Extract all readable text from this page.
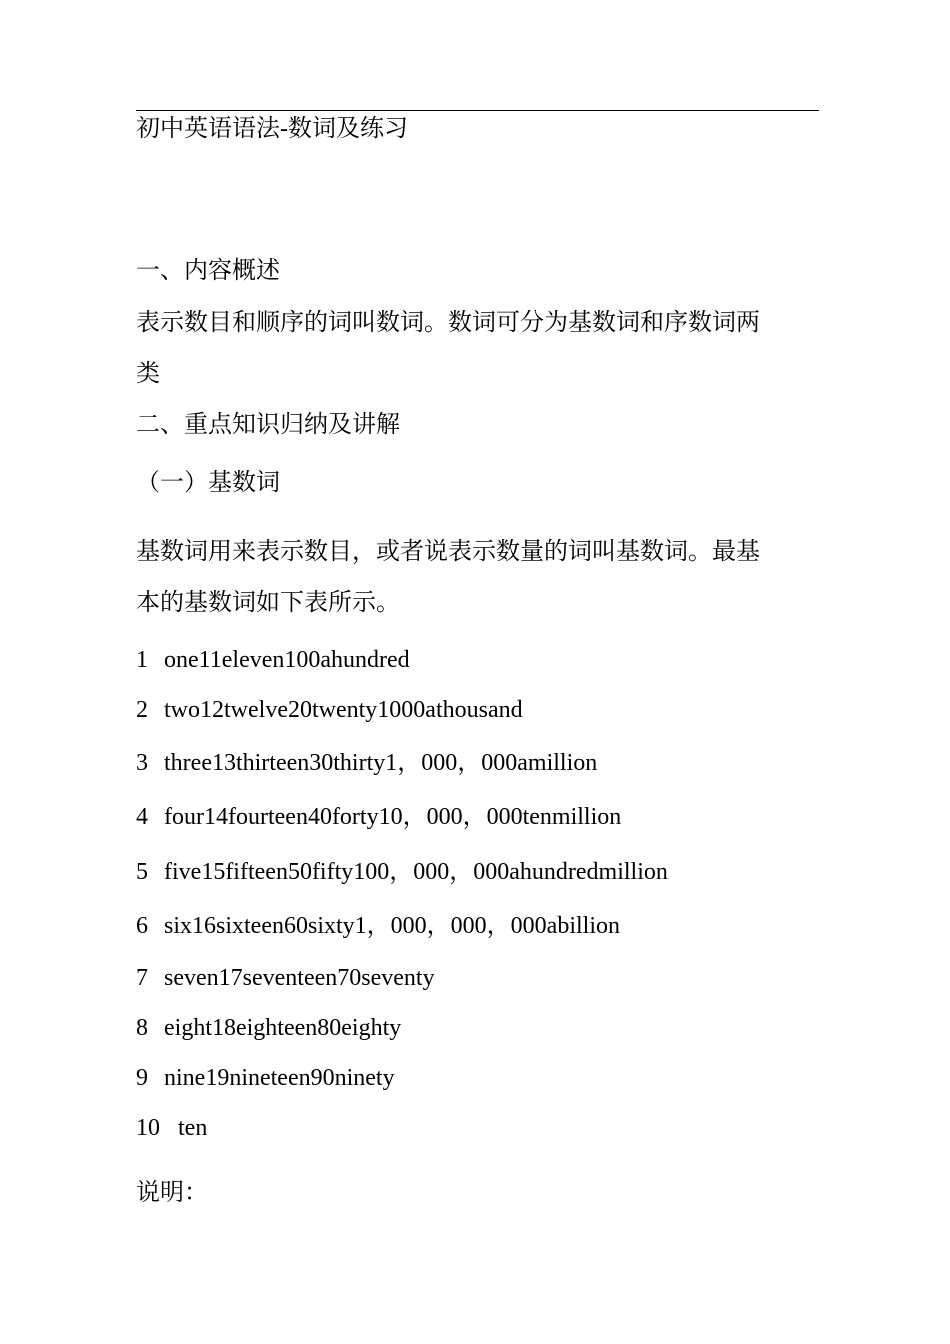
初中英语语法-数词及练习
一、内容概述
表示数目和顺序的词叫数词。数词可分为基数词和序数词两
类
二、重点知识归纳及讲解
（一）基数词
基数词用来表示数目，或者说表示数量的词叫基数词。最基
本的基数词如下表所示。
1 one11eleven100ahundred
2 two12twelve20twenty1000athousand
3 three13thirteen30thirty1，000，000amillion
4 four14fourteen40forty10，000，000tenmillion
5 five15fifteen50fifty100，000，000ahundredmillion
6 six16sixteen60sixty1，000，000，000abillion
7 seven17seventeen70seventy
8 eight18eighteen80eighty
9 nine19nineteen90ninety
10 ten
说明：
